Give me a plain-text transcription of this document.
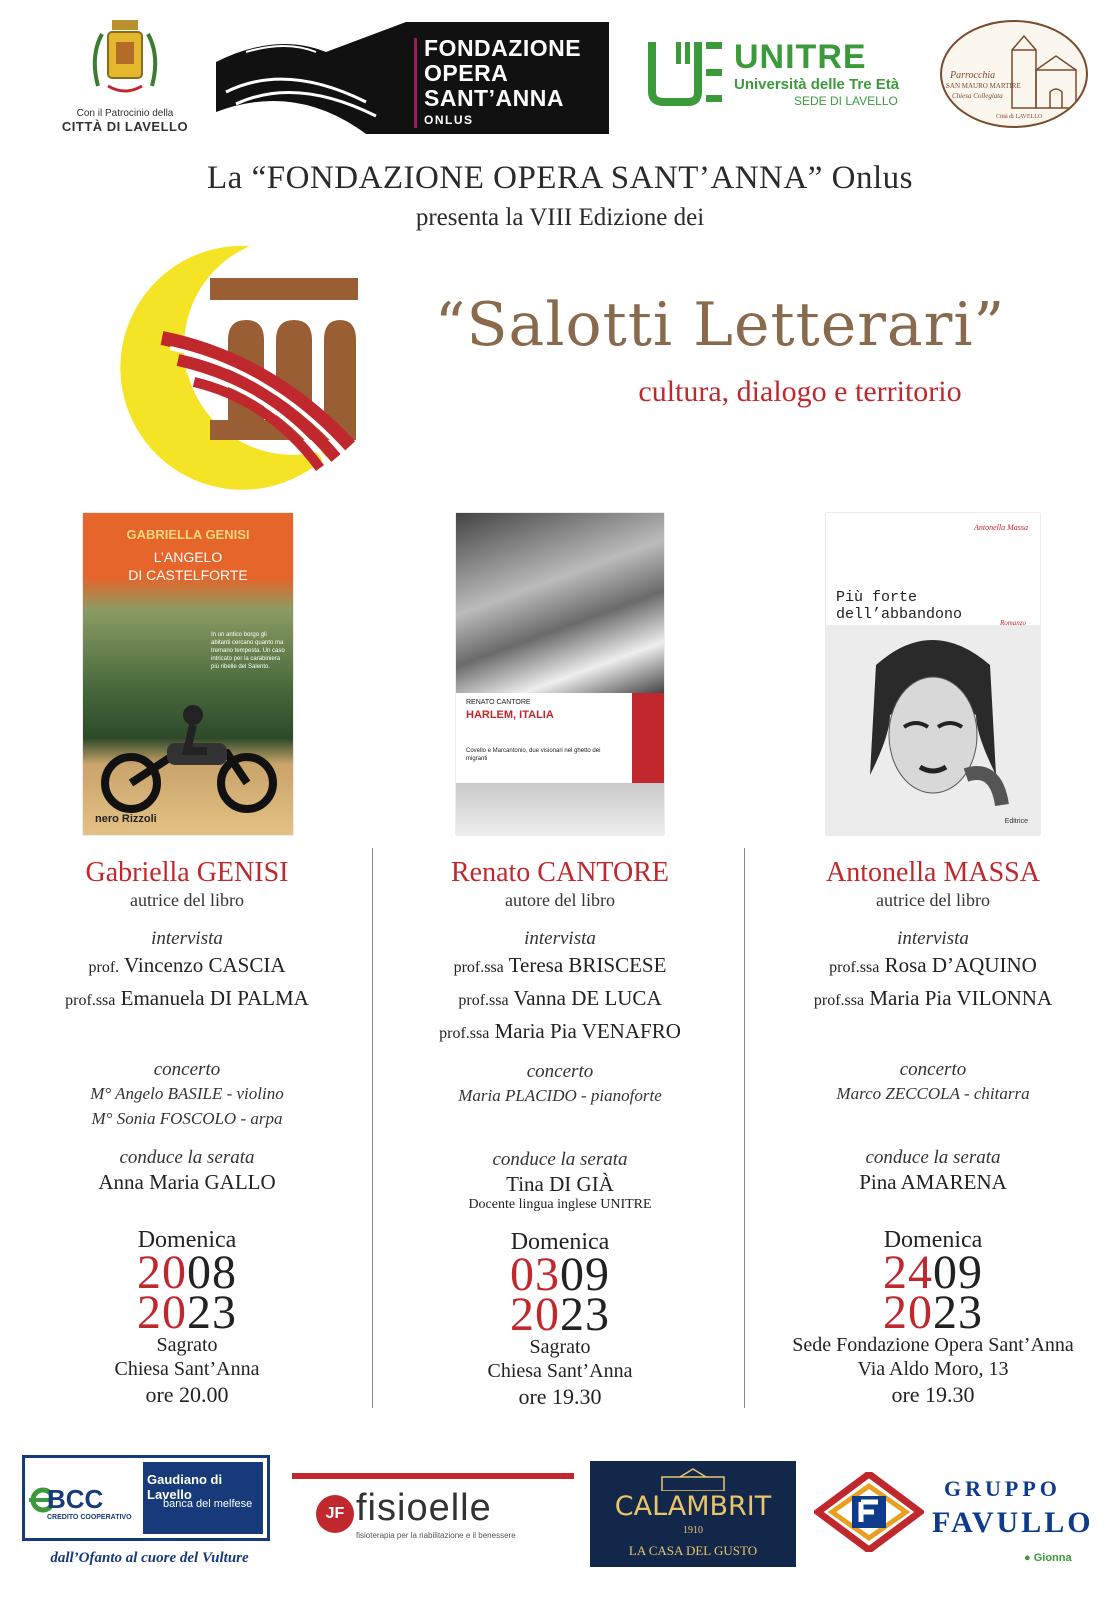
Con il Patrocinio della
CITTÀ DI LAVELLO
FONDAZIONE
OPERA
SANT’ANNA
ONLUS
UNITRE
Università delle Tre Età
SEDE DI LAVELLO
Parrocchia
SAN MAURO MARTIRE
Chiesa Collegiata
Città di LAVELLO
La “FONDAZIONE OPERA SANT’ANNA” Onlus
presenta la VIII Edizione dei
“Salotti Letterari”
cultura, dialogo e territorio
GABRIELLA GENISI
L’ANGELO
DI CASTELFORTE
In un antico borgo gli abitanti cercano quanto ma tremano tempesta. Un caso intricato per la carabiniera più ribelle del Salento.
nero Rizzoli
RENATO CANTORE
HARLEM, ITALIA
Covello e Marcantonio, due visionari nel ghetto dei migranti
Antonella Massa
Più forte dell’abbandono	Romanzo
Editrice
Gabriella GENISI
autrice del libro
intervista
prof. Vincenzo CASCIA
prof.ssa Emanuela DI PALMA
concerto
M° Angelo BASILE - violino
M° Sonia FOSCOLO - arpa
conduce la serata
Anna Maria GALLO
Domenica
2008
2023
Sagrato
Chiesa Sant’Anna
ore 20.00
Renato CANTORE
autore del libro
intervista
prof.ssa Teresa BRISCESE
prof.ssa Vanna DE LUCA
prof.ssa Maria Pia VENAFRO
concerto
Maria PLACIDO - pianoforte
conduce la serata
Tina DI GIÀ
Docente lingua inglese UNITRE
Domenica
0309
2023
Sagrato
Chiesa Sant’Anna
ore 19.30
Antonella MASSA
autrice del libro
intervista
prof.ssa Rosa D’AQUINO
prof.ssa Maria Pia VILONNA
concerto
Marco ZECCOLA - chitarra
conduce la serata
Pina AMARENA
Domenica
2409
2023
Sede Fondazione Opera Sant’Anna
Via Aldo Moro, 13
ore 19.30
BCC
CREDITO COOPERATIVO
Gaudiano di Lavello
banca del melfese
dall’Ofanto al cuore del Vulture
JF fisioelle
fisioterapia per la riabilitazione e il benessere
CALAMBRIT
1910
LA CASA DEL GUSTO
GRUPPO
FAVULLO
● Gionna
